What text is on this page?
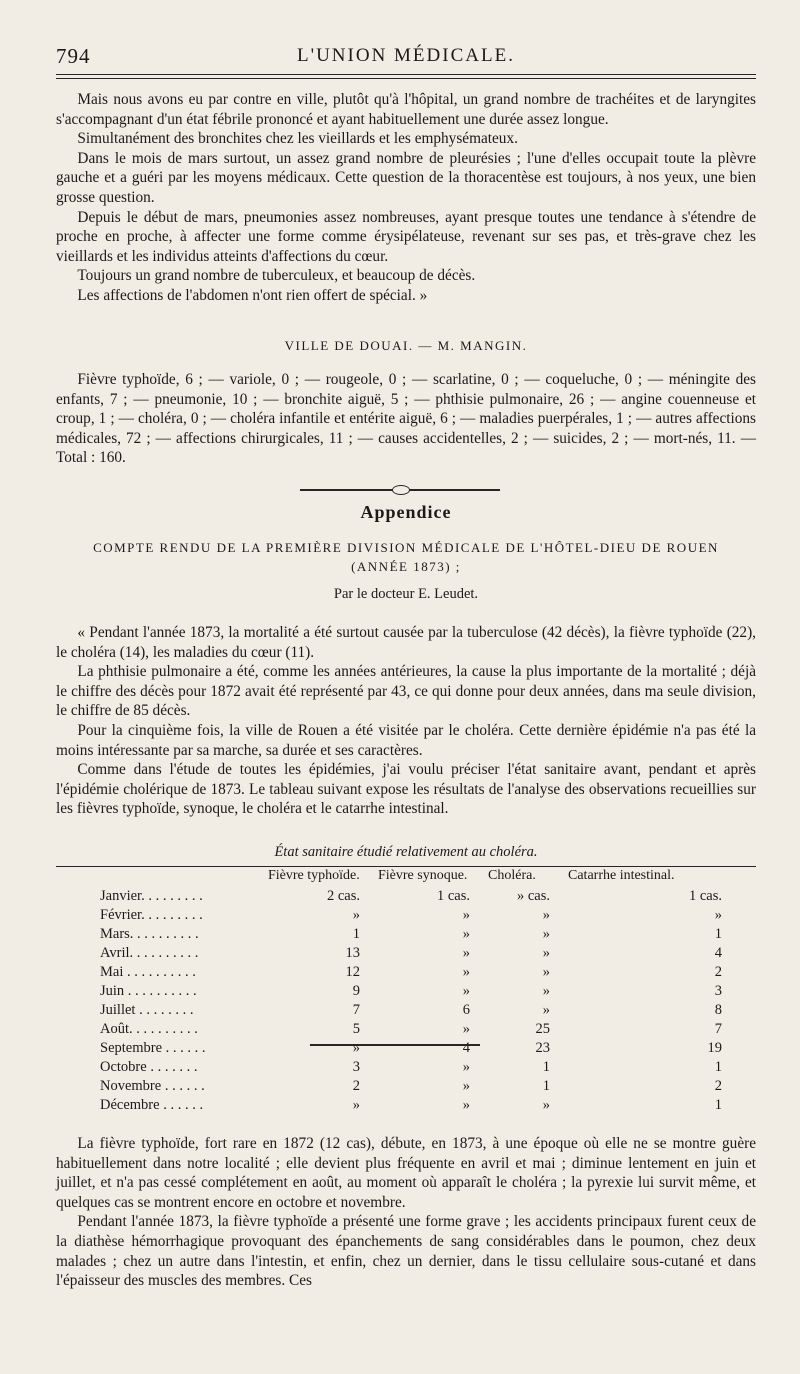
794	L'UNION MÉDICALE.

Mais nous avons eu par contre en ville, plutôt qu'à l'hôpital, un grand nombre de trachéites et de laryngites s'accompagnant d'un état fébrile prononcé et ayant habituellement une durée assez longue.

Simultanément des bronchites chez les vieillards et les emphysémateux.

Dans le mois de mars surtout, un assez grand nombre de pleurésies ; l'une d'elles occupait toute la plèvre gauche et a guéri par les moyens médicaux. Cette question de la thoracentèse est toujours, à nos yeux, une bien grosse question.

Depuis le début de mars, pneumonies assez nombreuses, ayant presque toutes une tendance à s'étendre de proche en proche, à affecter une forme comme érysipélateuse, revenant sur ses pas, et très-grave chez les vieillards et les individus atteints d'affections du cœur.

Toujours un grand nombre de tuberculeux, et beaucoup de décès.

Les affections de l'abdomen n'ont rien offert de spécial. »

VILLE DE DOUAI. — M. MANGIN.

Fièvre typhoïde, 6 ; — variole, 0 ; — rougeole, 0 ; — scarlatine, 0 ; — coqueluche, 0 ; — méningite des enfants, 7 ; — pneumonie, 10 ; — bronchite aiguë, 5 ; — phthisie pulmonaire, 26 ; — angine couenneuse et croup, 1 ; — choléra, 0 ; — choléra infantile et entérite aiguë, 6 ; — maladies puerpérales, 1 ; — autres affections médicales, 72 ; — affections chirurgicales, 11 ; — causes accidentelles, 2 ; — suicides, 2 ; — mort-nés, 11. — Total : 160.

Appendice
COMPTE RENDU DE LA PREMIÈRE DIVISION MÉDICALE DE L'HÔTEL-DIEU DE ROUEN
(ANNÉE 1873) ;
Par le docteur E. Leudet.

« Pendant l'année 1873, la mortalité a été surtout causée par la tuberculose (42 décès), la fièvre typhoïde (22), le choléra (14), les maladies du cœur (11).

La phthisie pulmonaire a été, comme les années antérieures, la cause la plus importante de la mortalité ; déjà le chiffre des décès pour 1872 avait été représenté par 43, ce qui donne pour deux années, dans ma seule division, le chiffre de 85 décès.

Pour la cinquième fois, la ville de Rouen a été visitée par le choléra. Cette dernière épidémie n'a pas été la moins intéressante par sa marche, sa durée et ses caractères.

Comme dans l'étude de toutes les épidémies, j'ai voulu préciser l'état sanitaire avant, pendant et après l'épidémie cholérique de 1873. Le tableau suivant expose les résultats de l'analyse des observations recueillies sur les fièvres typhoïde, synoque, le choléra et le catarrhe intestinal.

État sanitaire étudié relativement au choléra.
	Fièvre typhoïde.	Fièvre synoque.	Choléra.	Catarrhe intestinal.
Janvier. . . . . . . . .	2 cas.	1 cas.	» cas.	1 cas.
Février. . . . . . . . .	»	»	»	»
Mars. . . . . . . . . .	1	»	»	1
Avril. . . . . . . . . .	13	»	»	4
Mai . . . . . . . . . .	12	»	»	2
Juin . . . . . . . . . .	9	»	»	3
Juillet . . . . . . . .	7	6	»	8
Août. . . . . . . . . .	5	»	25	7
Septembre . . . . . .	»	4	23	19
Octobre . . . . . . .	3	»	1	1
Novembre . . . . . .	2	»	1	2
Décembre . . . . . .	»	»	»	1

La fièvre typhoïde, fort rare en 1872 (12 cas), débute, en 1873, à une époque où elle ne se montre guère habituellement dans notre localité ; elle devient plus fréquente en avril et mai ; diminue lentement en juin et juillet, et n'a pas cessé complétement en août, au moment où apparaît le choléra ; la pyrexie lui survit même, et quelques cas se montrent encore en octobre et novembre.

Pendant l'année 1873, la fièvre typhoïde a présenté une forme grave ; les accidents principaux furent ceux de la diathèse hémorrhagique provoquant des épanchements de sang considérables dans le poumon, chez deux malades ; chez un autre dans l'intestin, et enfin, chez un dernier, dans le tissu cellulaire sous-cutané et dans l'épaisseur des muscles des membres. Ces
